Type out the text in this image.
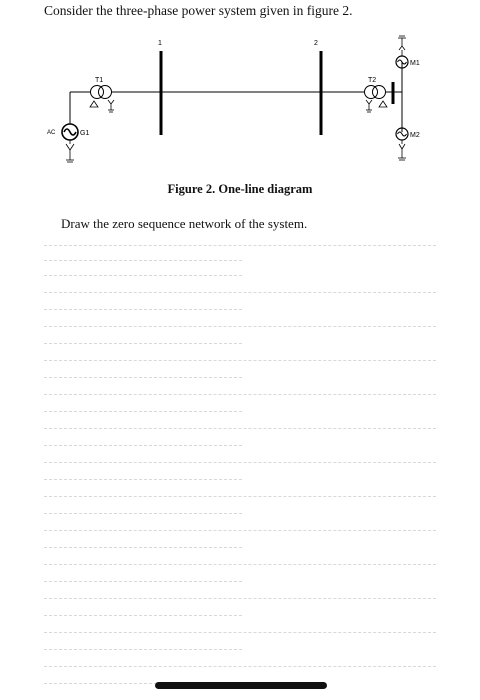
Consider the three-phase power system given in figure 2.
1	2
T1
AC	G1
T2
M1
M2
Figure 2. One-line diagram
Draw the zero sequence network of the system.
